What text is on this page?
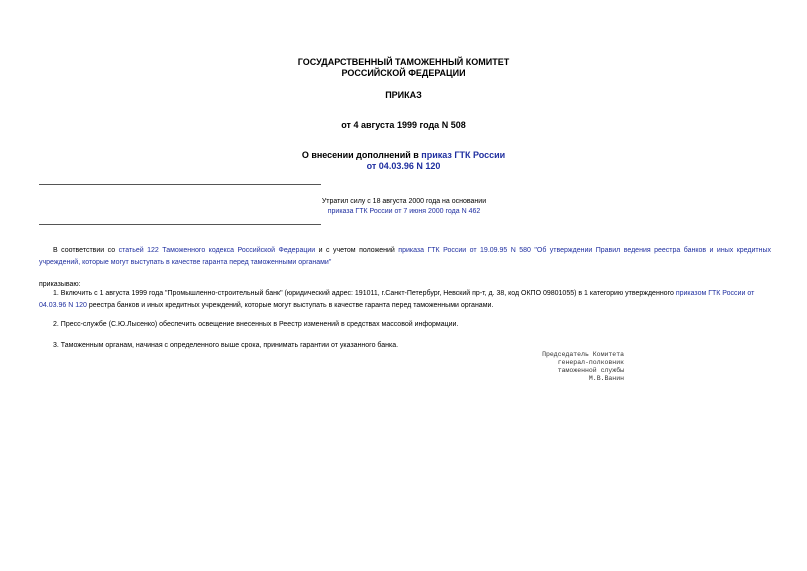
ГОСУДАРСТВЕННЫЙ ТАМОЖЕННЫЙ КОМИТЕТ
РОССИЙСКОЙ ФЕДЕРАЦИИ
ПРИКАЗ
от 4 августа 1999 года N 508
О внесении дополнений в приказ ГТК России
от 04.03.96 N 120
Утратил силу с 18 августа 2000 года на основании
приказа ГТК России от 7 июня 2000 года N 462
В соответствии со статьей 122 Таможенного кодекса Российской Федерации и с учетом положений приказа ГТК России от 19.09.95 N 580 "Об утверждении Правил ведения реестра банков и иных кредитных учреждений, которые могут выступать в качестве гаранта перед таможенными органами"
приказываю:
1. Включить с 1 августа 1999 года "Промышленно-строительный банк" (юридический адрес: 191011, г.Санкт-Петербург, Невский пр-т, д. 38, код ОКПО 09801055) в 1 категорию утвержденного приказом ГТК России от 04.03.96 N 120 реестра банков и иных кредитных учреждений, которые могут выступать в качестве гаранта перед таможенными органами.
2. Пресс-службе (С.Ю.Лысенко) обеспечить освещение внесенных в Реестр изменений в средствах массовой информации.
3. Таможенным органам, начиная с определенного выше срока, принимать гарантии от указанного банка.
Председатель Комитета
генерал-полковник
таможенной службы
М.В.Ванин
